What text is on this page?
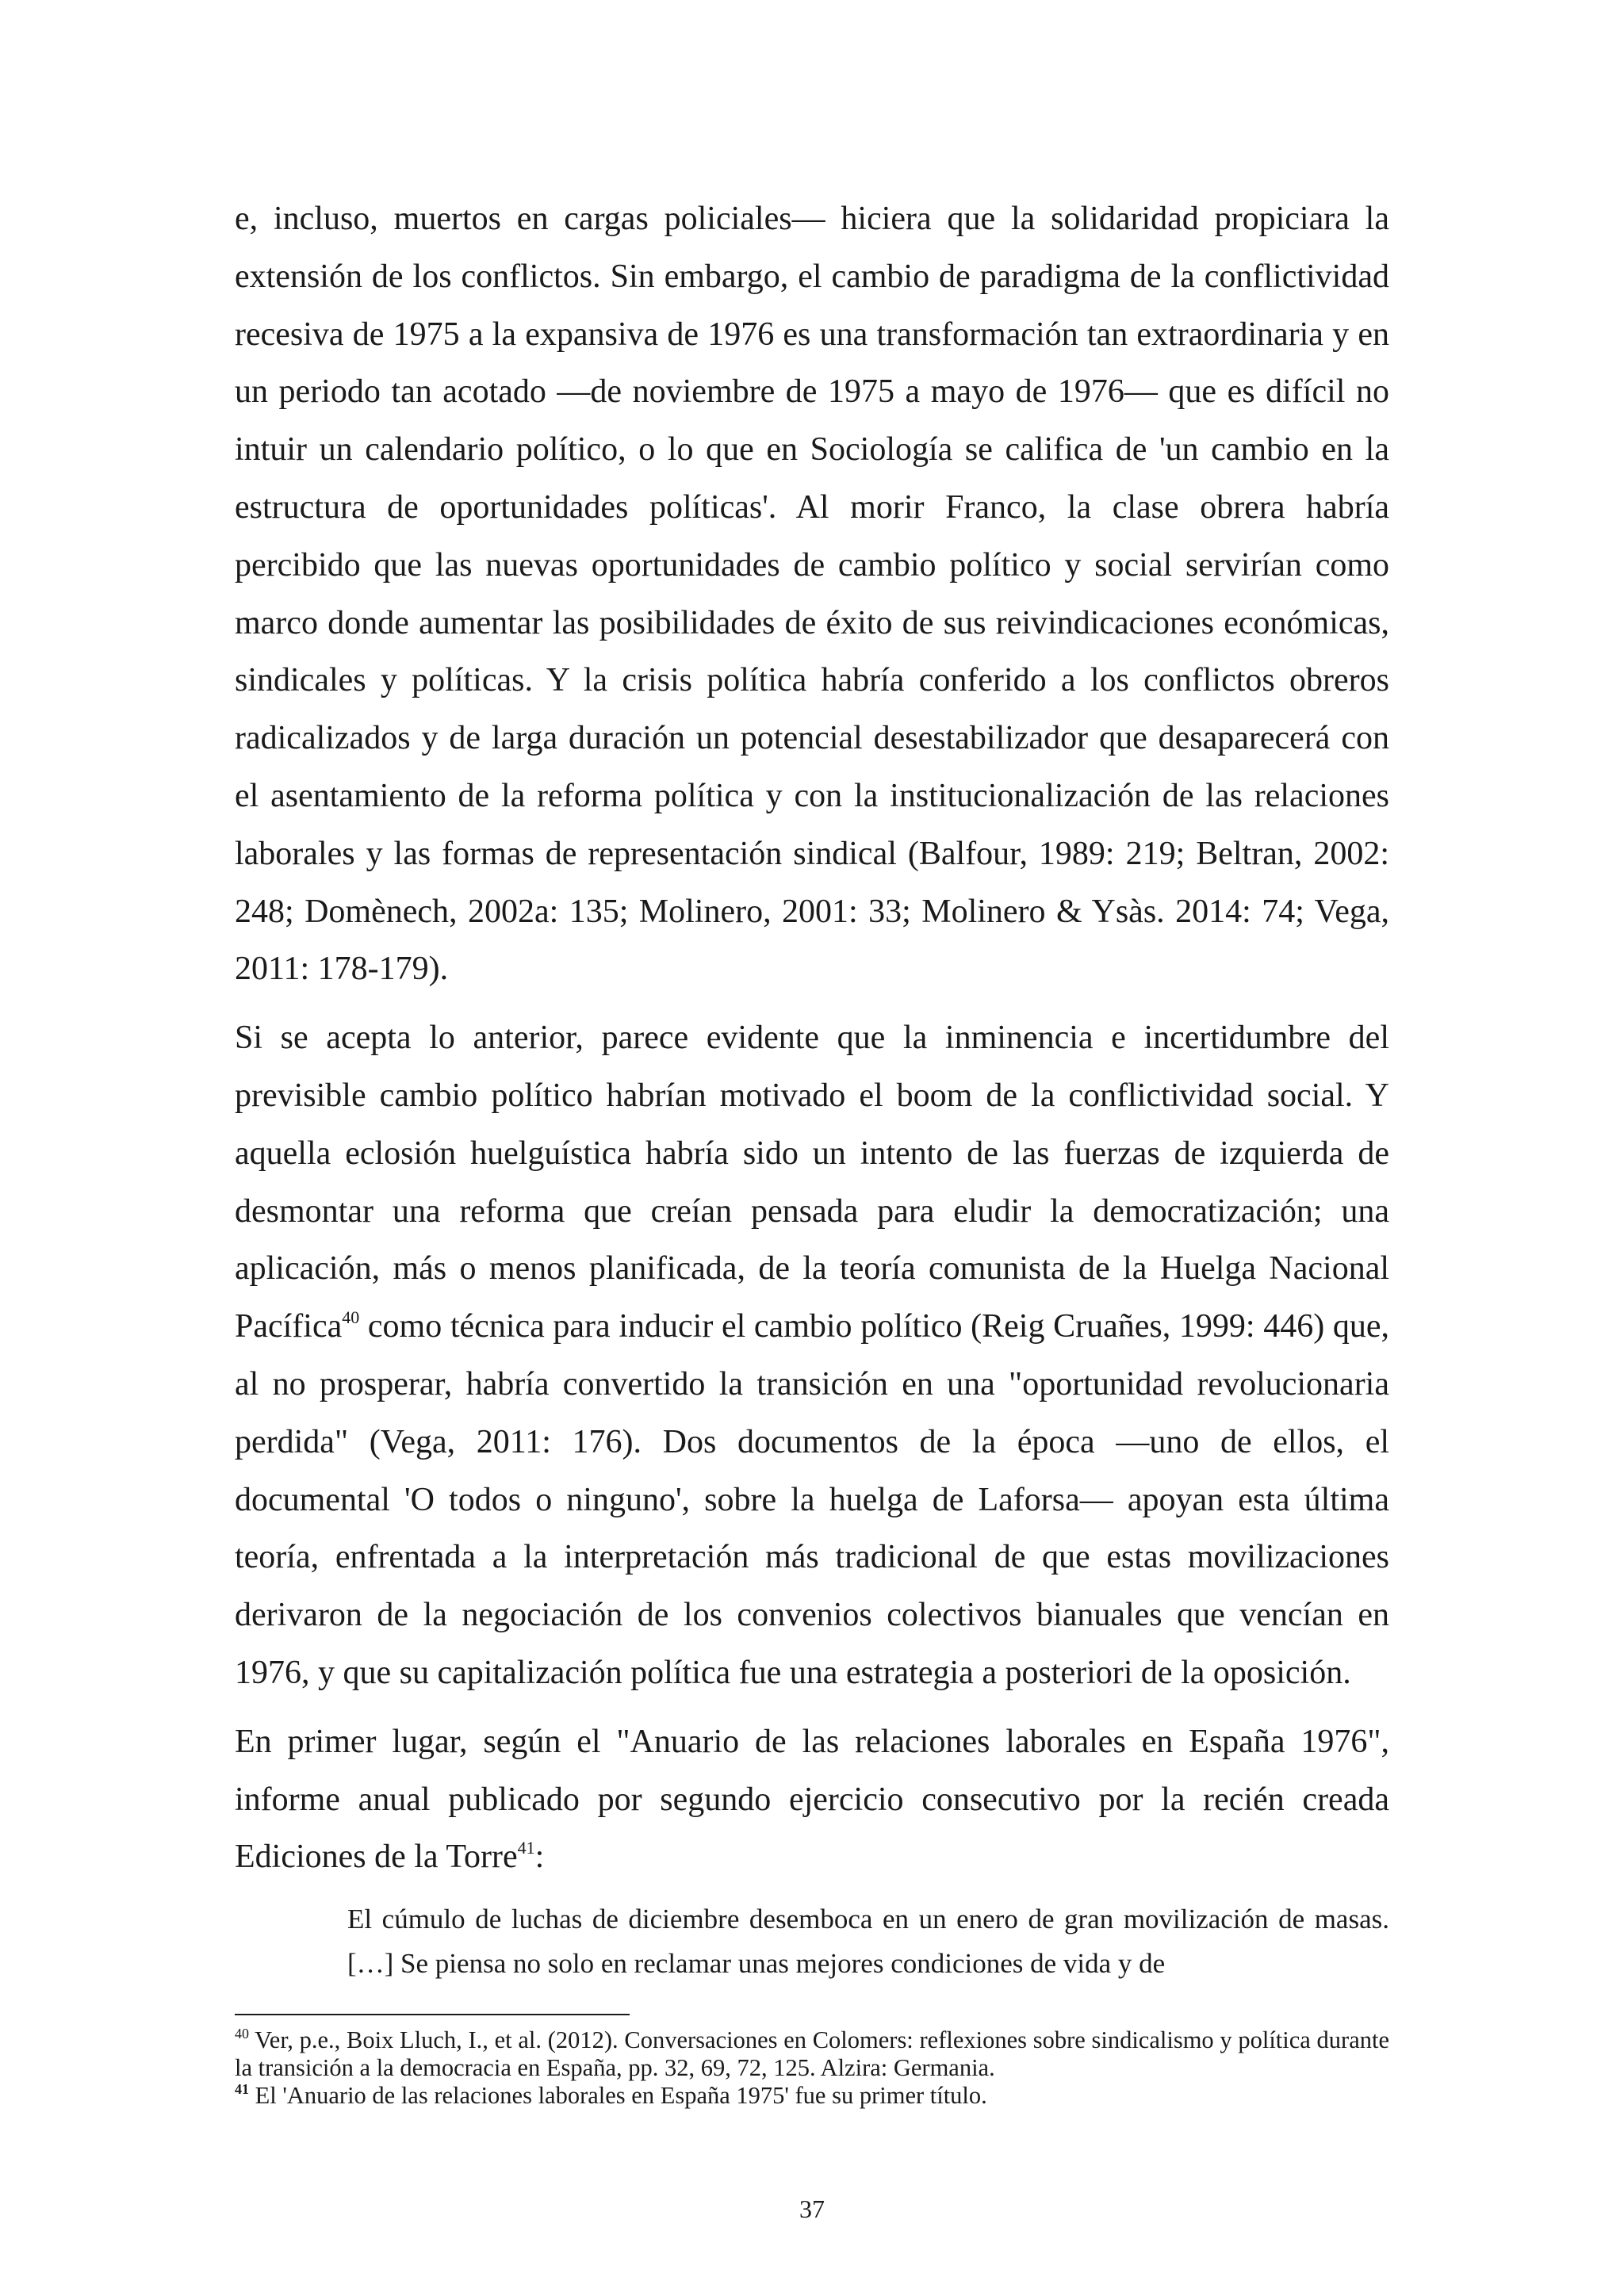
e, incluso, muertos en cargas policiales— hiciera que la solidaridad propiciara la extensión de los conflictos. Sin embargo, el cambio de paradigma de la conflictividad recesiva de 1975 a la expansiva de 1976 es una transformación tan extraordinaria y en un periodo tan acotado —de noviembre de 1975 a mayo de 1976— que es difícil no intuir un calendario político, o lo que en Sociología se califica de 'un cambio en la estructura de oportunidades políticas'. Al morir Franco, la clase obrera habría percibido que las nuevas oportunidades de cambio político y social servirían como marco donde aumentar las posibilidades de éxito de sus reivindicaciones económicas, sindicales y políticas. Y la crisis política habría conferido a los conflictos obreros radicalizados y de larga duración un potencial desestabilizador que desaparecerá con el asentamiento de la reforma política y con la institucionalización de las relaciones laborales y las formas de representación sindical (Balfour, 1989: 219; Beltran, 2002: 248; Domènech, 2002a: 135; Molinero, 2001: 33; Molinero & Ysàs. 2014: 74; Vega, 2011: 178-179).

Si se acepta lo anterior, parece evidente que la inminencia e incertidumbre del previsible cambio político habrían motivado el boom de la conflictividad social. Y aquella eclosión huelguística habría sido un intento de las fuerzas de izquierda de desmontar una reforma que creían pensada para eludir la democratización; una aplicación, más o menos planificada, de la teoría comunista de la Huelga Nacional Pacífica$^{40}$ como técnica para inducir el cambio político (Reig Cruañes, 1999: 446) que, al no prosperar, habría convertido la transición en una "oportunidad revolucionaria perdida" (Vega, 2011: 176). Dos documentos de la época —uno de ellos, el documental 'O todos o ninguno', sobre la huelga de Laforsa— apoyan esta última teoría, enfrentada a la interpretación más tradicional de que estas movilizaciones derivaron de la negociación de los convenios colectivos bianuales que vencían en 1976, y que su capitalización política fue una estrategia a posteriori de la oposición.

En primer lugar, según el "Anuario de las relaciones laborales en España 1976", informe anual publicado por segundo ejercicio consecutivo por la recién creada Ediciones de la Torre$^{41}$:

El cúmulo de luchas de diciembre desemboca en un enero de gran movilización de masas. […] Se piensa no solo en reclamar unas mejores condiciones de vida y de

$^{40}$ Ver, p.e., Boix Lluch, I., et al. (2012). Conversaciones en Colomers: reflexiones sobre sindicalismo y política durante la transición a la democracia en España, pp. 32, 69, 72, 125. Alzira: Germania.

$^{41}$ El 'Anuario de las relaciones laborales en España 1975' fue su primer título.

37
